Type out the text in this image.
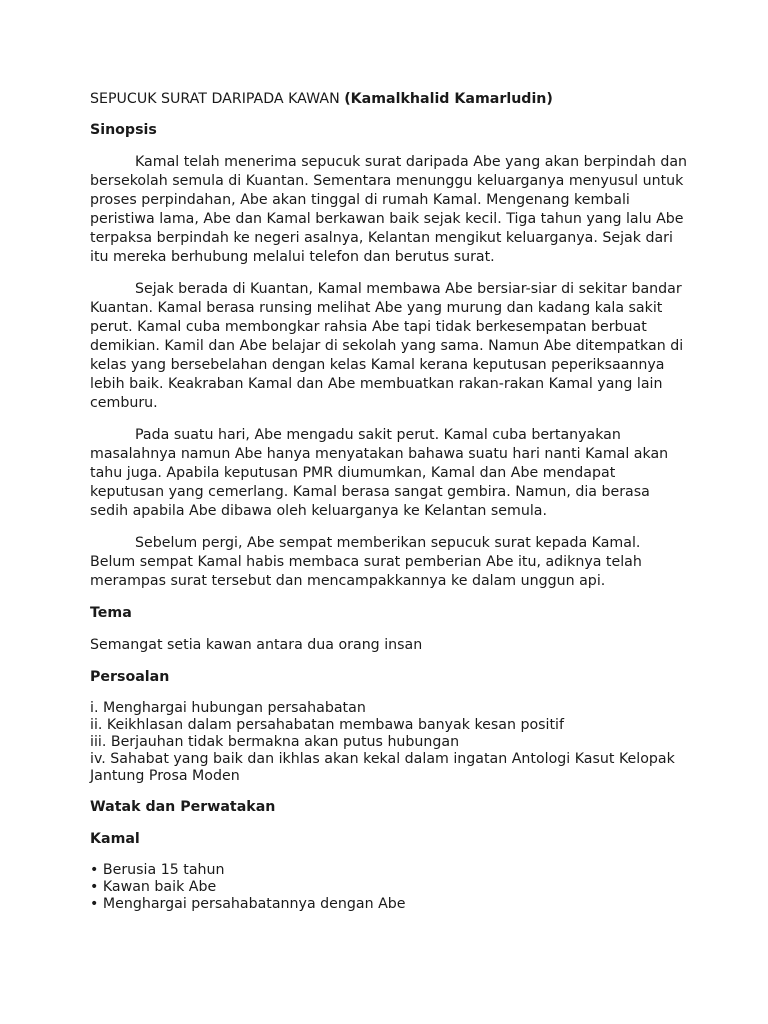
SEPUCUK SURAT DARIPADA KAWAN (Kamalkhalid Kamarludin)
Sinopsis

Kamal telah menerima sepucuk surat daripada Abe yang akan berpindah dan bersekolah semula di Kuantan. Sementara menunggu keluarganya menyusul untuk proses perpindahan, Abe akan tinggal di rumah Kamal. Mengenang kembali peristiwa lama, Abe dan Kamal berkawan baik sejak kecil. Tiga tahun yang lalu Abe terpaksa berpindah ke negeri asalnya, Kelantan mengikut keluarganya. Sejak dari itu mereka berhubung melalui telefon dan berutus surat.

Sejak berada di Kuantan, Kamal membawa Abe bersiar-siar di sekitar bandar Kuantan. Kamal berasa runsing melihat Abe yang murung dan kadang kala sakit perut. Kamal cuba membongkar rahsia Abe tapi tidak berkesempatan berbuat demikian. Kamil dan Abe belajar di sekolah yang sama. Namun Abe ditempatkan di kelas yang bersebelahan dengan kelas Kamal kerana keputusan peperiksaannya lebih baik. Keakraban Kamal dan Abe membuatkan rakan-rakan Kamal yang lain cemburu.

Pada suatu hari, Abe mengadu sakit perut. Kamal cuba bertanyakan masalahnya namun Abe hanya menyatakan bahawa suatu hari nanti Kamal akan tahu juga. Apabila keputusan PMR diumumkan, Kamal dan Abe mendapat keputusan yang cemerlang. Kamal berasa sangat gembira. Namun, dia berasa sedih apabila Abe dibawa oleh keluarganya ke Kelantan semula.

Sebelum pergi, Abe sempat memberikan sepucuk surat kepada Kamal. Belum sempat Kamal habis membaca surat pemberian Abe itu, adiknya telah merampas surat tersebut dan mencampakkannya ke dalam unggun api.

Tema

Semangat setia kawan antara dua orang insan

Persoalan
i. Menghargai hubungan persahabatan
ii. Keikhlasan dalam persahabatan membawa banyak kesan positif
iii. Berjauhan tidak bermakna akan putus hubungan
iv. Sahabat yang baik dan ikhlas akan kekal dalam ingatan Antologi Kasut Kelopak Jantung Prosa Moden
Watak dan Perwatakan
Kamal
• Berusia 15 tahun
• Kawan baik Abe
• Menghargai persahabatannya dengan Abe
